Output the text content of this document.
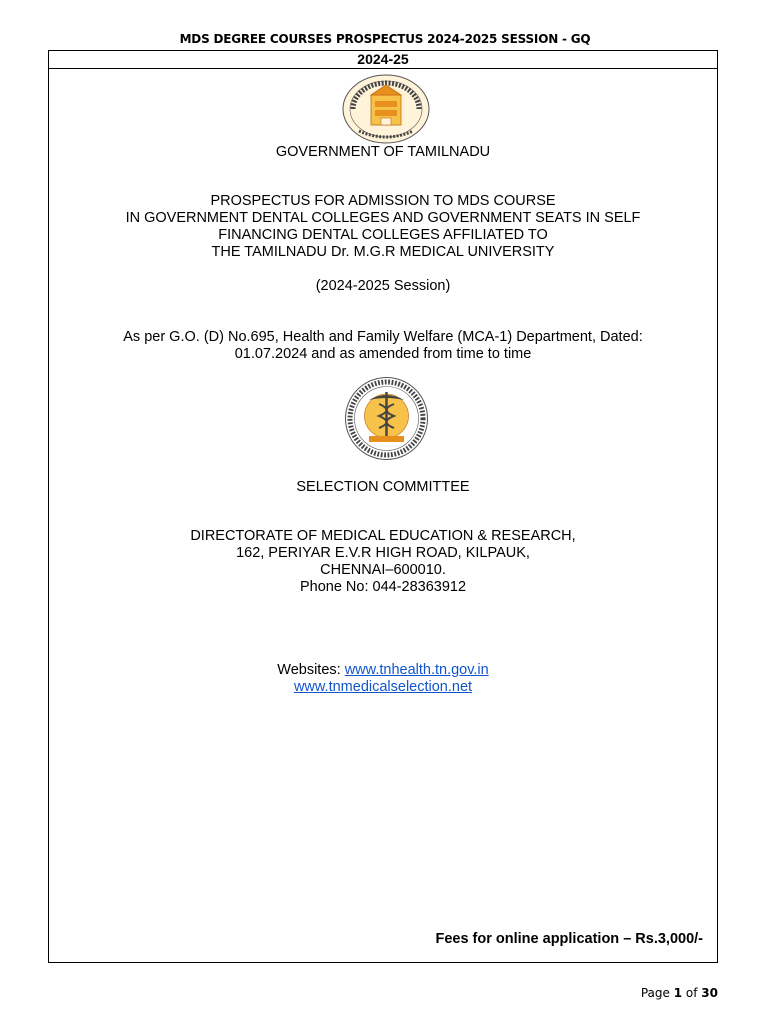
MDS DEGREE COURSES PROSPECTUS 2024-2025 SESSION - GQ
2024-25
GOVERNMENT OF TAMILNADU
PROSPECTUS FOR ADMISSION TO MDS COURSE
IN GOVERNMENT DENTAL COLLEGES AND GOVERNMENT SEATS IN SELF
FINANCING DENTAL COLLEGES AFFILIATED TO
THE TAMILNADU Dr. M.G.R MEDICAL UNIVERSITY
(2024-2025 Session)
As per G.O. (D) No.695, Health and Family Welfare (MCA-1) Department, Dated:
01.07.2024 and as amended from time to time
SELECTION COMMITTEE
DIRECTORATE OF MEDICAL EDUCATION & RESEARCH,
162, PERIYAR E.V.R HIGH ROAD, KILPAUK,
CHENNAI–600010.
Phone No: 044-28363912
Websites: www.tnhealth.tn.gov.in
www.tnmedicalselection.net
Fees for online application – Rs.3,000/-
Page 1 of 30
